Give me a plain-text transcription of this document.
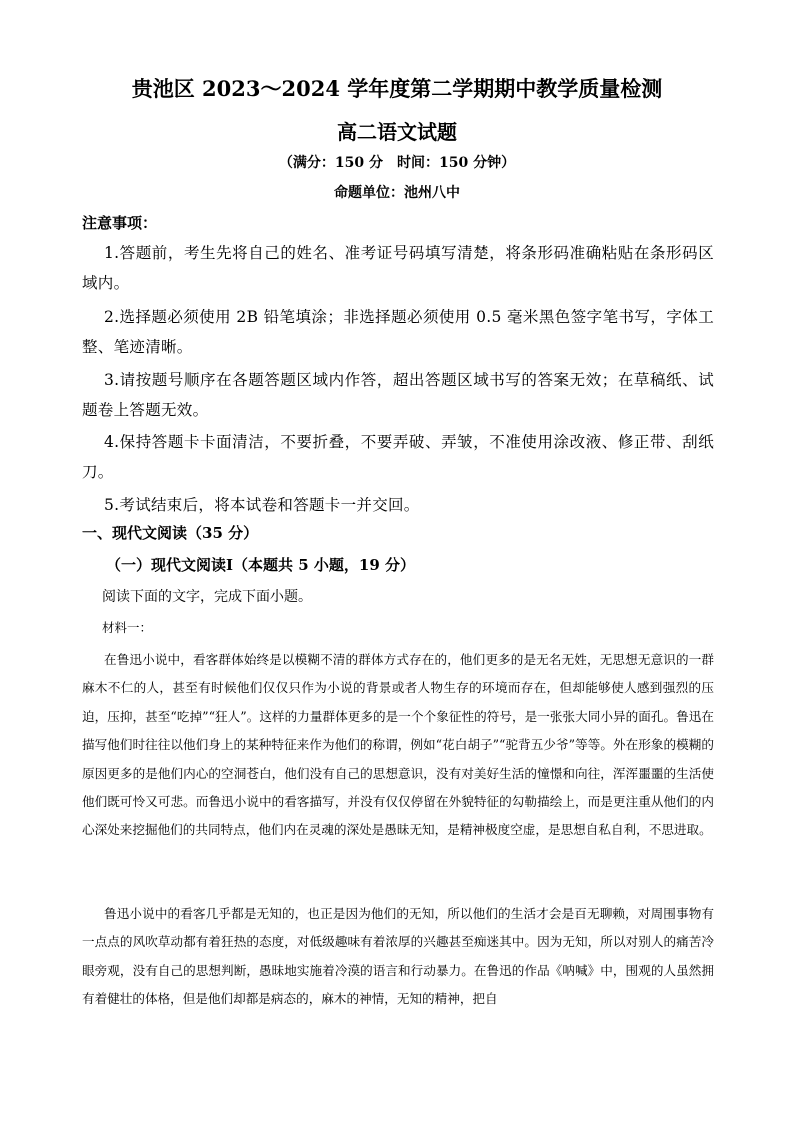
贵池区 2023～2024 学年度第二学期期中教学质量检测
高二语文试题
（满分：150 分　时间：150 分钟）
命题单位：池州八中
注意事项：
1.答题前，考生先将自己的姓名、准考证号码填写清楚，将条形码准确粘贴在条形码区域内。
2.选择题必须使用 2B 铅笔填涂；非选择题必须使用 0.5 毫米黑色签字笔书写，字体工整、笔迹清晰。
3.请按题号顺序在各题答题区域内作答，超出答题区域书写的答案无效；在草稿纸、试题卷上答题无效。
4.保持答题卡卡面清洁，不要折叠，不要弄破、弄皱，不准使用涂改液、修正带、刮纸刀。
5.考试结束后，将本试卷和答题卡一并交回。
一、现代文阅读（35 分）
（一）现代文阅读Ⅰ（本题共 5 小题，19 分）
阅读下面的文字，完成下面小题。
材料一：
在鲁迅小说中，看客群体始终是以模糊不清的群体方式存在的，他们更多的是无名无姓，无思想无意识的一群麻木不仁的人，甚至有时候他们仅仅只作为小说的背景或者人物生存的环境而存在，但却能够使人感到强烈的压迫，压抑，甚至“吃掉”“狂人”。这样的力量群体更多的是一个个象征性的符号，是一张张大同小异的面孔。鲁迅在描写他们时往往以他们身上的某种特征来作为他们的称谓，例如“花白胡子”“驼背五少爷”等等。外在形象的模糊的原因更多的是他们内心的空洞苍白，他们没有自己的思想意识，没有对美好生活的憧憬和向往，浑浑噩噩的生活使他们既可怜又可悲。而鲁迅小说中的看客描写，并没有仅仅停留在外貌特征的勾勒描绘上，而是更注重从他们的内心深处来挖掘他们的共同特点，他们内在灵魂的深处是愚昧无知，是精神极度空虚，是思想自私自利，不思进取。
鲁迅小说中的看客几乎都是无知的，也正是因为他们的无知，所以他们的生活才会是百无聊赖，对周围事物有一点点的风吹草动都有着狂热的态度，对低级趣味有着浓厚的兴趣甚至痴迷其中。因为无知，所以对别人的痛苦冷眼旁观，没有自己的思想判断，愚昧地实施着冷漠的语言和行动暴力。在鲁迅的作品《呐喊》中，围观的人虽然拥有着健壮的体格，但是他们却都是病态的，麻木的神情，无知的精神，把自
